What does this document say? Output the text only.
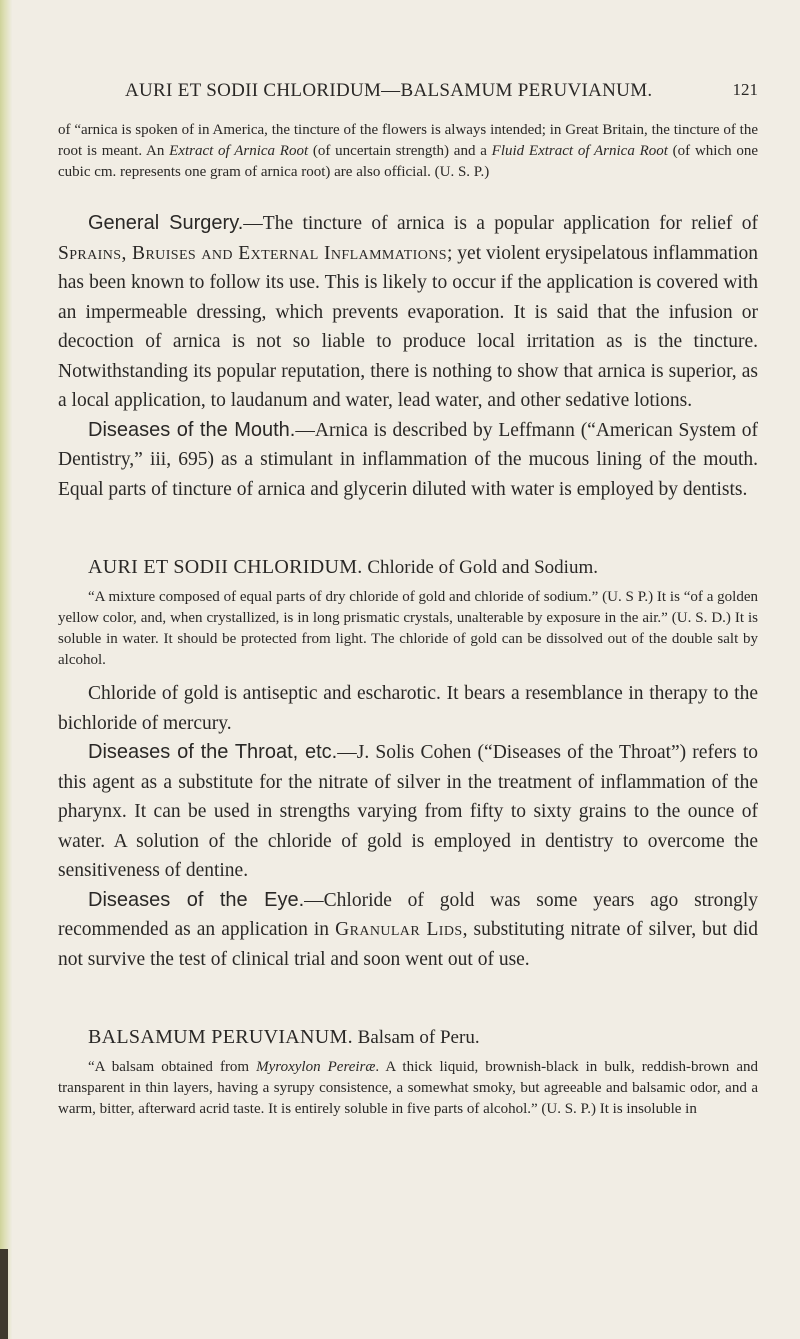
AURI ET SODII CHLORIDUM—BALSAMUM PERUVIANUM.	121

of “arnica is spoken of in America, the tincture of the flowers is always intended; in Great Britain, the tincture of the root is meant. An Extract of Arnica Root (of uncertain strength) and a Fluid Extract of Arnica Root (of which one cubic cm. represents one gram of arnica root) are also official. (U. S. P.)

General Surgery.—The tincture of arnica is a popular application for relief of Sprains, Bruises and External Inflammations; yet violent erysipelatous inflammation has been known to follow its use. This is likely to occur if the application is covered with an impermeable dressing, which prevents evaporation. It is said that the infusion or decoction of arnica is not so liable to produce local irritation as is the tincture. Notwithstanding its popular reputation, there is nothing to show that arnica is superior, as a local application, to laudanum and water, lead water, and other sedative lotions.

Diseases of the Mouth.—Arnica is described by Leffmann (“American System of Dentistry,” iii, 695) as a stimulant in inflammation of the mucous lining of the mouth. Equal parts of tincture of arnica and glycerin diluted with water is employed by dentists.

AURI ET SODII CHLORIDUM. Chloride of Gold and Sodium.

“A mixture composed of equal parts of dry chloride of gold and chloride of sodium.” (U. S P.) It is “of a golden yellow color, and, when crystallized, is in long prismatic crystals, unalterable by exposure in the air.” (U. S. D.) It is soluble in water. It should be protected from light. The chloride of gold can be dissolved out of the double salt by alcohol.

Chloride of gold is antiseptic and escharotic. It bears a resemblance in therapy to the bichloride of mercury.

Diseases of the Throat, etc.—J. Solis Cohen (“Diseases of the Throat”) refers to this agent as a substitute for the nitrate of silver in the treatment of inflammation of the pharynx. It can be used in strengths varying from fifty to sixty grains to the ounce of water. A solution of the chloride of gold is employed in dentistry to overcome the sensitiveness of dentine.

Diseases of the Eye.—Chloride of gold was some years ago strongly recommended as an application in Granular Lids, substituting nitrate of silver, but did not survive the test of clinical trial and soon went out of use.

BALSAMUM PERUVIANUM. Balsam of Peru.

“A balsam obtained from Myroxylon Pereiræ. A thick liquid, brownish-black in bulk, reddish-brown and transparent in thin layers, having a syrupy consistence, a somewhat smoky, but agreeable and balsamic odor, and a warm, bitter, afterward acrid taste. It is entirely soluble in five parts of alcohol.” (U. S. P.) It is insoluble in
